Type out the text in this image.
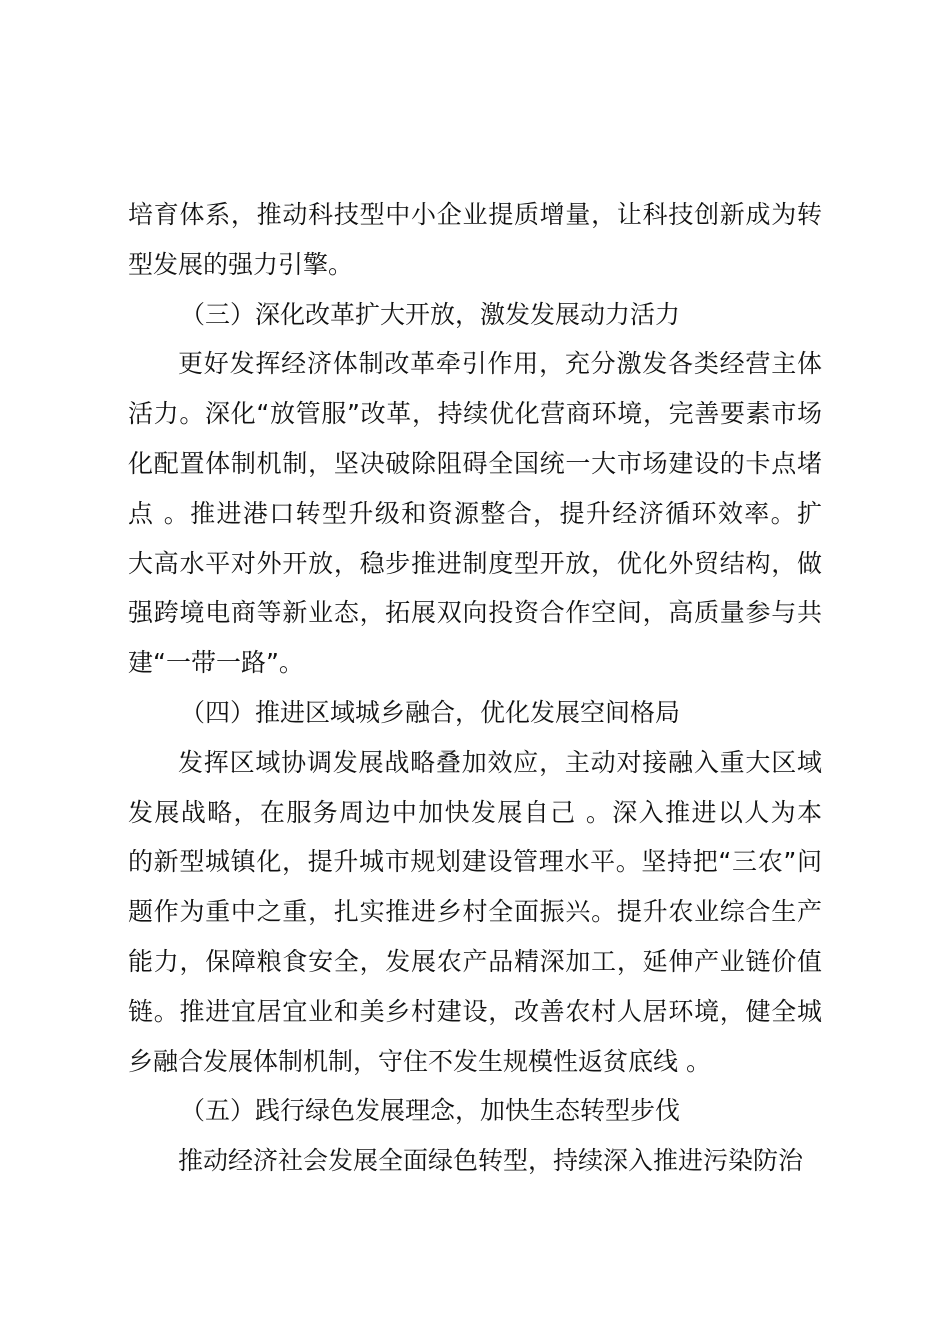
培育体系，推动科技型中小企业提质增量，让科技创新成为转
型发展的强力引擎。
（三）深化改革扩大开放，激发发展动力活力
更好发挥经济体制改革牵引作用，充分激发各类经营主体
活力。深化“放管服”改革，持续优化营商环境，完善要素市场
化配置体制机制，坚决破除阻碍全国统一大市场建设的卡点堵
点 。推进港口转型升级和资源整合，提升经济循环效率。扩
大高水平对外开放，稳步推进制度型开放，优化外贸结构，做
强跨境电商等新业态，拓展双向投资合作空间，高质量参与共
建“一带一路”。
（四）推进区域城乡融合，优化发展空间格局
发挥区域协调发展战略叠加效应，主动对接融入重大区域
发展战略，在服务周边中加快发展自己 。深入推进以人为本
的新型城镇化，提升城市规划建设管理水平。坚持把“三农”问
题作为重中之重，扎实推进乡村全面振兴。提升农业综合生产
能力，保障粮食安全，发展农产品精深加工，延伸产业链价值
链。推进宜居宜业和美乡村建设，改善农村人居环境，健全城
乡融合发展体制机制，守住不发生规模性返贫底线 。
（五）践行绿色发展理念，加快生态转型步伐
推动经济社会发展全面绿色转型，持续深入推进污染防治
